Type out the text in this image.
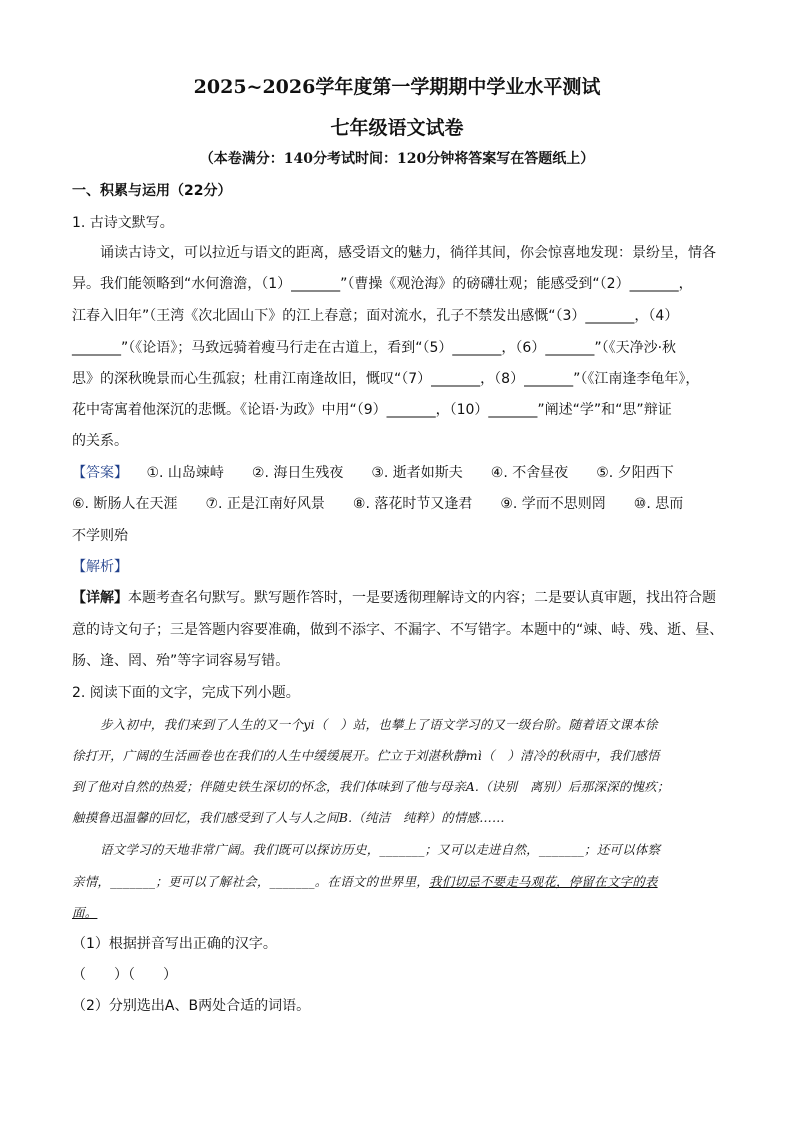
2025~2026学年度第一学期期中学业水平测试
七年级语文试卷
（本卷满分：140分考试时间：120分钟将答案写在答题纸上）
一、积累与运用（22分）
1. 古诗文默写。
诵读古诗文，可以拉近与语文的距离，感受语文的魅力，徜徉其间，你会惊喜地发现：景纷呈，情各
异。我们能领略到“水何澹澹，（1）_______”（曹操《观沧海》的磅礴壮观；能感受到“（2）_______，
江春入旧年”（王湾《次北固山下》的江上春意；面对流水，孔子不禁发出感慨“（3）_______，（4）
_______”（《论语》；马致远骑着瘦马行走在古道上，看到“（5）_______，（6）_______”（《天净沙·秋
思》的深秋晚景而心生孤寂；杜甫江南逢故旧，慨叹“（7）_______，（8）_______”（《江南逢李龟年》，
花中寄寓着他深沉的悲慨。《论语·为政》中用“（9）_______，（10）_______”阐述“学”和“思”辩证
的关系。
【答案】 ①. 山岛竦峙　　②. 海日生残夜　　③. 逝者如斯夫　　④. 不舍昼夜　　⑤. 夕阳西下
⑥. 断肠人在天涯　　⑦. 正是江南好风景　　⑧. 落花时节又逢君　　⑨. 学而不思则罔　　⑩. 思而
不学则殆
【解析】
【详解】本题考查名句默写。默写题作答时，一是要透彻理解诗文的内容；二是要认真审题，找出符合题
意的诗文句子；三是答题内容要准确，做到不添字、不漏字、不写错字。本题中的“竦、峙、残、逝、昼、
肠、逢、罔、殆”等字词容易写错。
2. 阅读下面的文字，完成下列小题。
步入初中，我们来到了人生的又一个yi（　）站，也攀上了语文学习的又一级台阶。随着语文课本徐
徐打开，广阔的生活画卷也在我们的人生中缓缓展开。伫立于刘湛秋静mì（　）清冷的秋雨中，我们感悟
到了他对自然的热爱；伴随史铁生深切的怀念，我们体味到了他与母亲A.（诀别　离别）后那深深的愧疚；
触摸鲁迅温馨的回忆，我们感受到了人与人之间B.（纯洁　纯粹）的情感……
语文学习的天地非常广阔。我们既可以探访历史，_______；又可以走进自然，_______；还可以体察
亲情，_______；更可以了解社会，_______。在语文的世界里，我们切忌不要走马观花，停留在文字的表
面。
（1）根据拼音写出正确的汉字。
（　　）（　　）
（2）分别选出A、B两处合适的词语。
